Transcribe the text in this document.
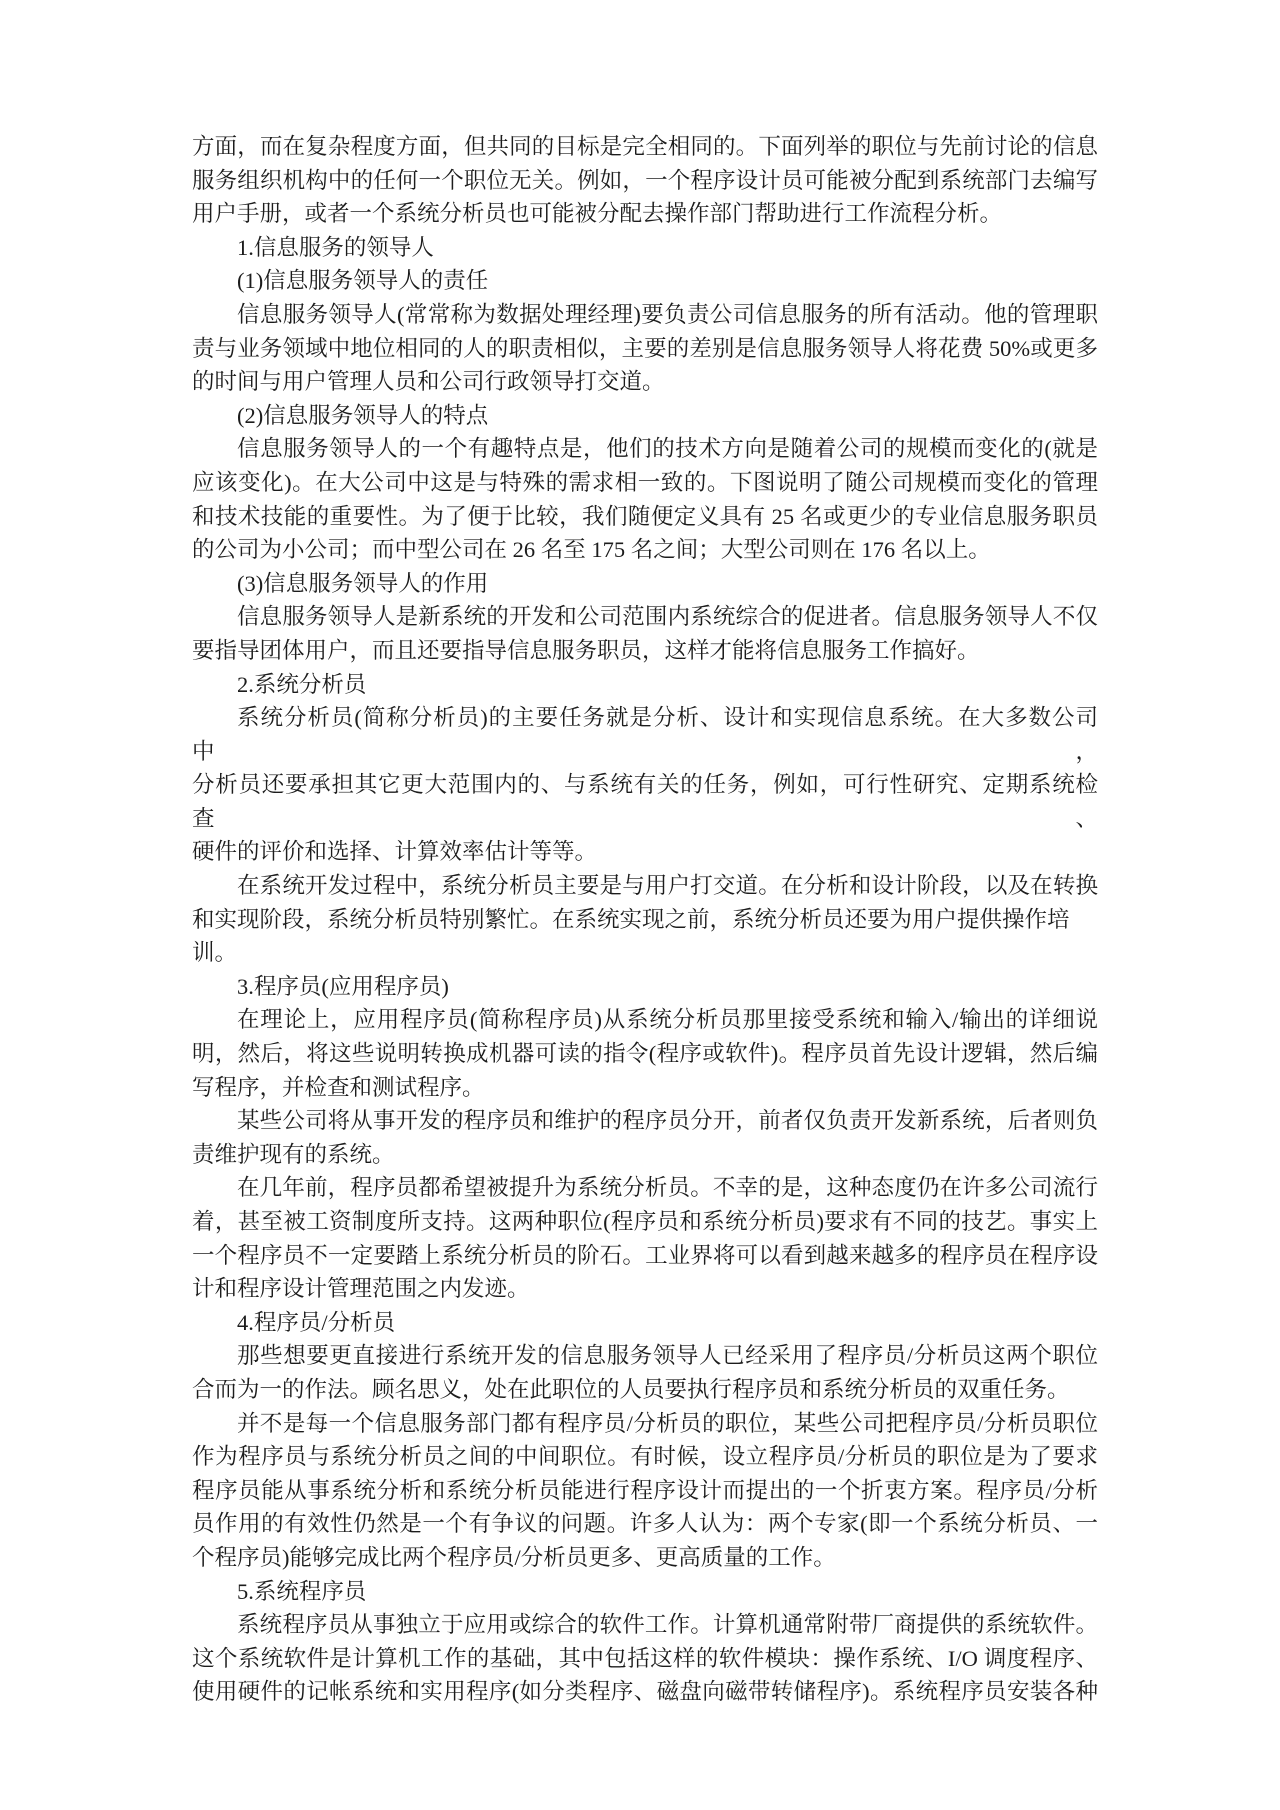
方面，而在复杂程度方面，但共同的目标是完全相同的。下面列举的职位与先前讨论的信息
服务组织机构中的任何一个职位无关。例如，一个程序设计员可能被分配到系统部门去编写
用户手册，或者一个系统分析员也可能被分配去操作部门帮助进行工作流程分析。
1.信息服务的领导人
(1)信息服务领导人的责任
信息服务领导人(常常称为数据处理经理)要负责公司信息服务的所有活动。他的管理职
责与业务领域中地位相同的人的职责相似，主要的差别是信息服务领导人将花费 50%或更多
的时间与用户管理人员和公司行政领导打交道。
(2)信息服务领导人的特点
信息服务领导人的一个有趣特点是，他们的技术方向是随着公司的规模而变化的(就是
应该变化)。在大公司中这是与特殊的需求相一致的。下图说明了随公司规模而变化的管理
和技术技能的重要性。为了便于比较，我们随便定义具有 25 名或更少的专业信息服务职员
的公司为小公司；而中型公司在 26 名至 175 名之间；大型公司则在 176 名以上。
(3)信息服务领导人的作用
信息服务领导人是新系统的开发和公司范围内系统综合的促进者。信息服务领导人不仅
要指导团体用户，而且还要指导信息服务职员，这样才能将信息服务工作搞好。
2.系统分析员
系统分析员(简称分析员)的主要任务就是分析、设计和实现信息系统。在大多数公司中，
分析员还要承担其它更大范围内的、与系统有关的任务，例如，可行性研究、定期系统检查、
硬件的评价和选择、计算效率估计等等。
在系统开发过程中，系统分析员主要是与用户打交道。在分析和设计阶段，以及在转换
和实现阶段，系统分析员特别繁忙。在系统实现之前，系统分析员还要为用户提供操作培训。
3.程序员(应用程序员)
在理论上，应用程序员(简称程序员)从系统分析员那里接受系统和输入/输出的详细说
明，然后，将这些说明转换成机器可读的指令(程序或软件)。程序员首先设计逻辑，然后编
写程序，并检查和测试程序。
某些公司将从事开发的程序员和维护的程序员分开，前者仅负责开发新系统，后者则负
责维护现有的系统。
在几年前，程序员都希望被提升为系统分析员。不幸的是，这种态度仍在许多公司流行
着，甚至被工资制度所支持。这两种职位(程序员和系统分析员)要求有不同的技艺。事实上
一个程序员不一定要踏上系统分析员的阶石。工业界将可以看到越来越多的程序员在程序设
计和程序设计管理范围之内发迹。
4.程序员/分析员
那些想要更直接进行系统开发的信息服务领导人已经采用了程序员/分析员这两个职位
合而为一的作法。顾名思义，处在此职位的人员要执行程序员和系统分析员的双重任务。
并不是每一个信息服务部门都有程序员/分析员的职位，某些公司把程序员/分析员职位
作为程序员与系统分析员之间的中间职位。有时候，设立程序员/分析员的职位是为了要求
程序员能从事系统分析和系统分析员能进行程序设计而提出的一个折衷方案。程序员/分析
员作用的有效性仍然是一个有争议的问题。许多人认为：两个专家(即一个系统分析员、一
个程序员)能够完成比两个程序员/分析员更多、更高质量的工作。
5.系统程序员
系统程序员从事独立于应用或综合的软件工作。计算机通常附带厂商提供的系统软件。
这个系统软件是计算机工作的基础，其中包括这样的软件模块：操作系统、I/O 调度程序、
使用硬件的记帐系统和实用程序(如分类程序、磁盘向磁带转储程序)。系统程序员安装各种
